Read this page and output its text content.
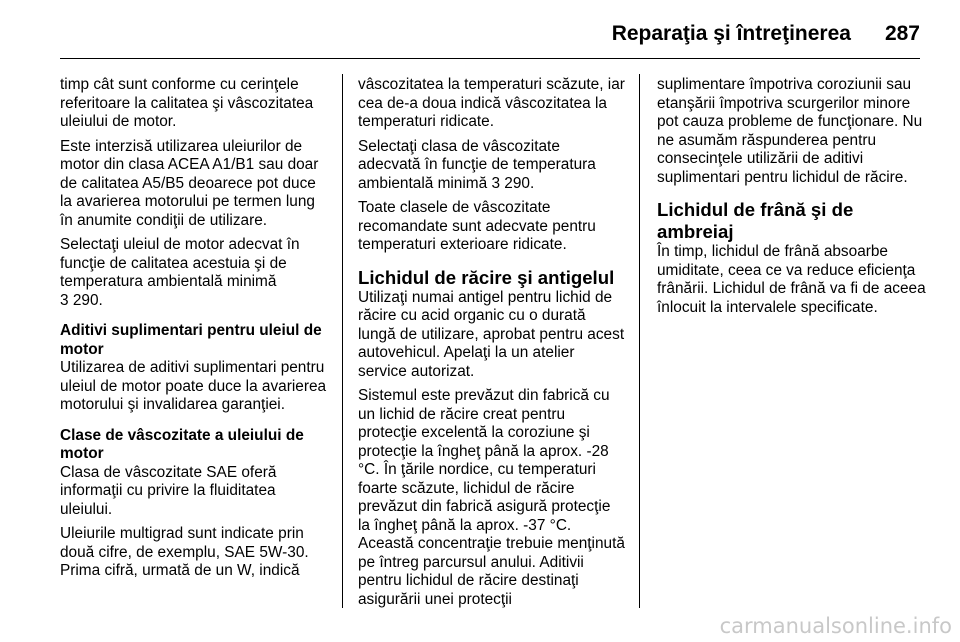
Reparaţia şi întreţinerea 287

timp cât sunt conforme cu cerinţele referitoare la calitatea şi vâscozitatea uleiului de motor.

Este interzisă utilizarea uleiurilor de motor din clasa ACEA A1/B1 sau doar de calitatea A5/B5 deoarece pot duce la avarierea motorului pe termen lung în anumite condiţii de utilizare.

Selectaţi uleiul de motor adecvat în funcţie de calitatea acestuia şi de temperatura ambientală minimă
3 290.

Aditivi suplimentari pentru uleiul de motor

Utilizarea de aditivi suplimentari pentru uleiul de motor poate duce la avarierea motorului şi invalidarea garanţiei.

Clase de vâscozitate a uleiului de motor

Clasa de vâscozitate SAE oferă informaţii cu privire la fluiditatea uleiului.

Uleiurile multigrad sunt indicate prin două cifre, de exemplu, SAE 5W-30. Prima cifră, urmată de un W, indică

vâscozitatea la temperaturi scăzute, iar cea de-a doua indică vâscozitatea la temperaturi ridicate.

Selectaţi clasa de vâscozitate adecvată în funcţie de temperatura ambientală minimă 3 290.

Toate clasele de vâscozitate recomandate sunt adecvate pentru temperaturi exterioare ridicate.

Lichidul de răcire şi antigelul

Utilizaţi numai antigel pentru lichid de răcire cu acid organic cu o durată lungă de utilizare, aprobat pentru acest autovehicul. Apelaţi la un atelier service autorizat.

Sistemul este prevăzut din fabrică cu un lichid de răcire creat pentru protecţie excelentă la coroziune şi protecţie la îngheţ până la aprox. -28 °C. În ţările nordice, cu temperaturi foarte scăzute, lichidul de răcire prevăzut din fabrică asigură protecţie la îngheţ până la aprox. -37 °C. Această concentraţie trebuie menţinută pe întreg parcursul anului. Aditivii pentru lichidul de răcire destinaţi asigurării unei protecţii

suplimentare împotriva coroziunii sau etanşării împotriva scurgerilor minore pot cauza probleme de funcţionare. Nu ne asumăm răspunderea pentru consecinţele utilizării de aditivi suplimentari pentru lichidul de răcire.

Lichidul de frână şi de ambreiaj

În timp, lichidul de frână absoarbe umiditate, ceea ce va reduce eficienţa frânării. Lichidul de frână va fi de aceea înlocuit la intervalele specificate.

carmanualsonline.info
